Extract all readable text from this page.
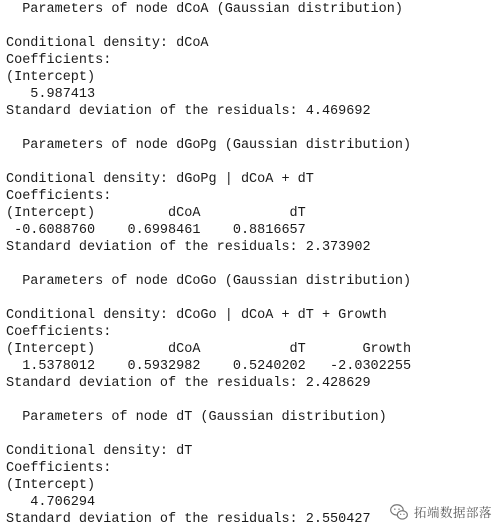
Parameters of node dCoA (Gaussian distribution)
Conditional density: dCoA
Coefficients:
(Intercept)
5.987413
Standard deviation of the residuals: 4.469692
Parameters of node dGoPg (Gaussian distribution)
Conditional density: dGoPg | dCoA + dT
Coefficients:
(Intercept)         dCoA           dT
-0.6088760    0.6998461    0.8816657
Standard deviation of the residuals: 2.373902
Parameters of node dCoGo (Gaussian distribution)
Conditional density: dCoGo | dCoA + dT + Growth
Coefficients:
(Intercept)         dCoA           dT       Growth
1.5378012    0.5932982    0.5240202   -2.0302255
Standard deviation of the residuals: 2.428629
Parameters of node dT (Gaussian distribution)
Conditional density: dT
Coefficients:
(Intercept)
4.706294
Standard deviation of the residuals: 2.550427	拓端数据部落
